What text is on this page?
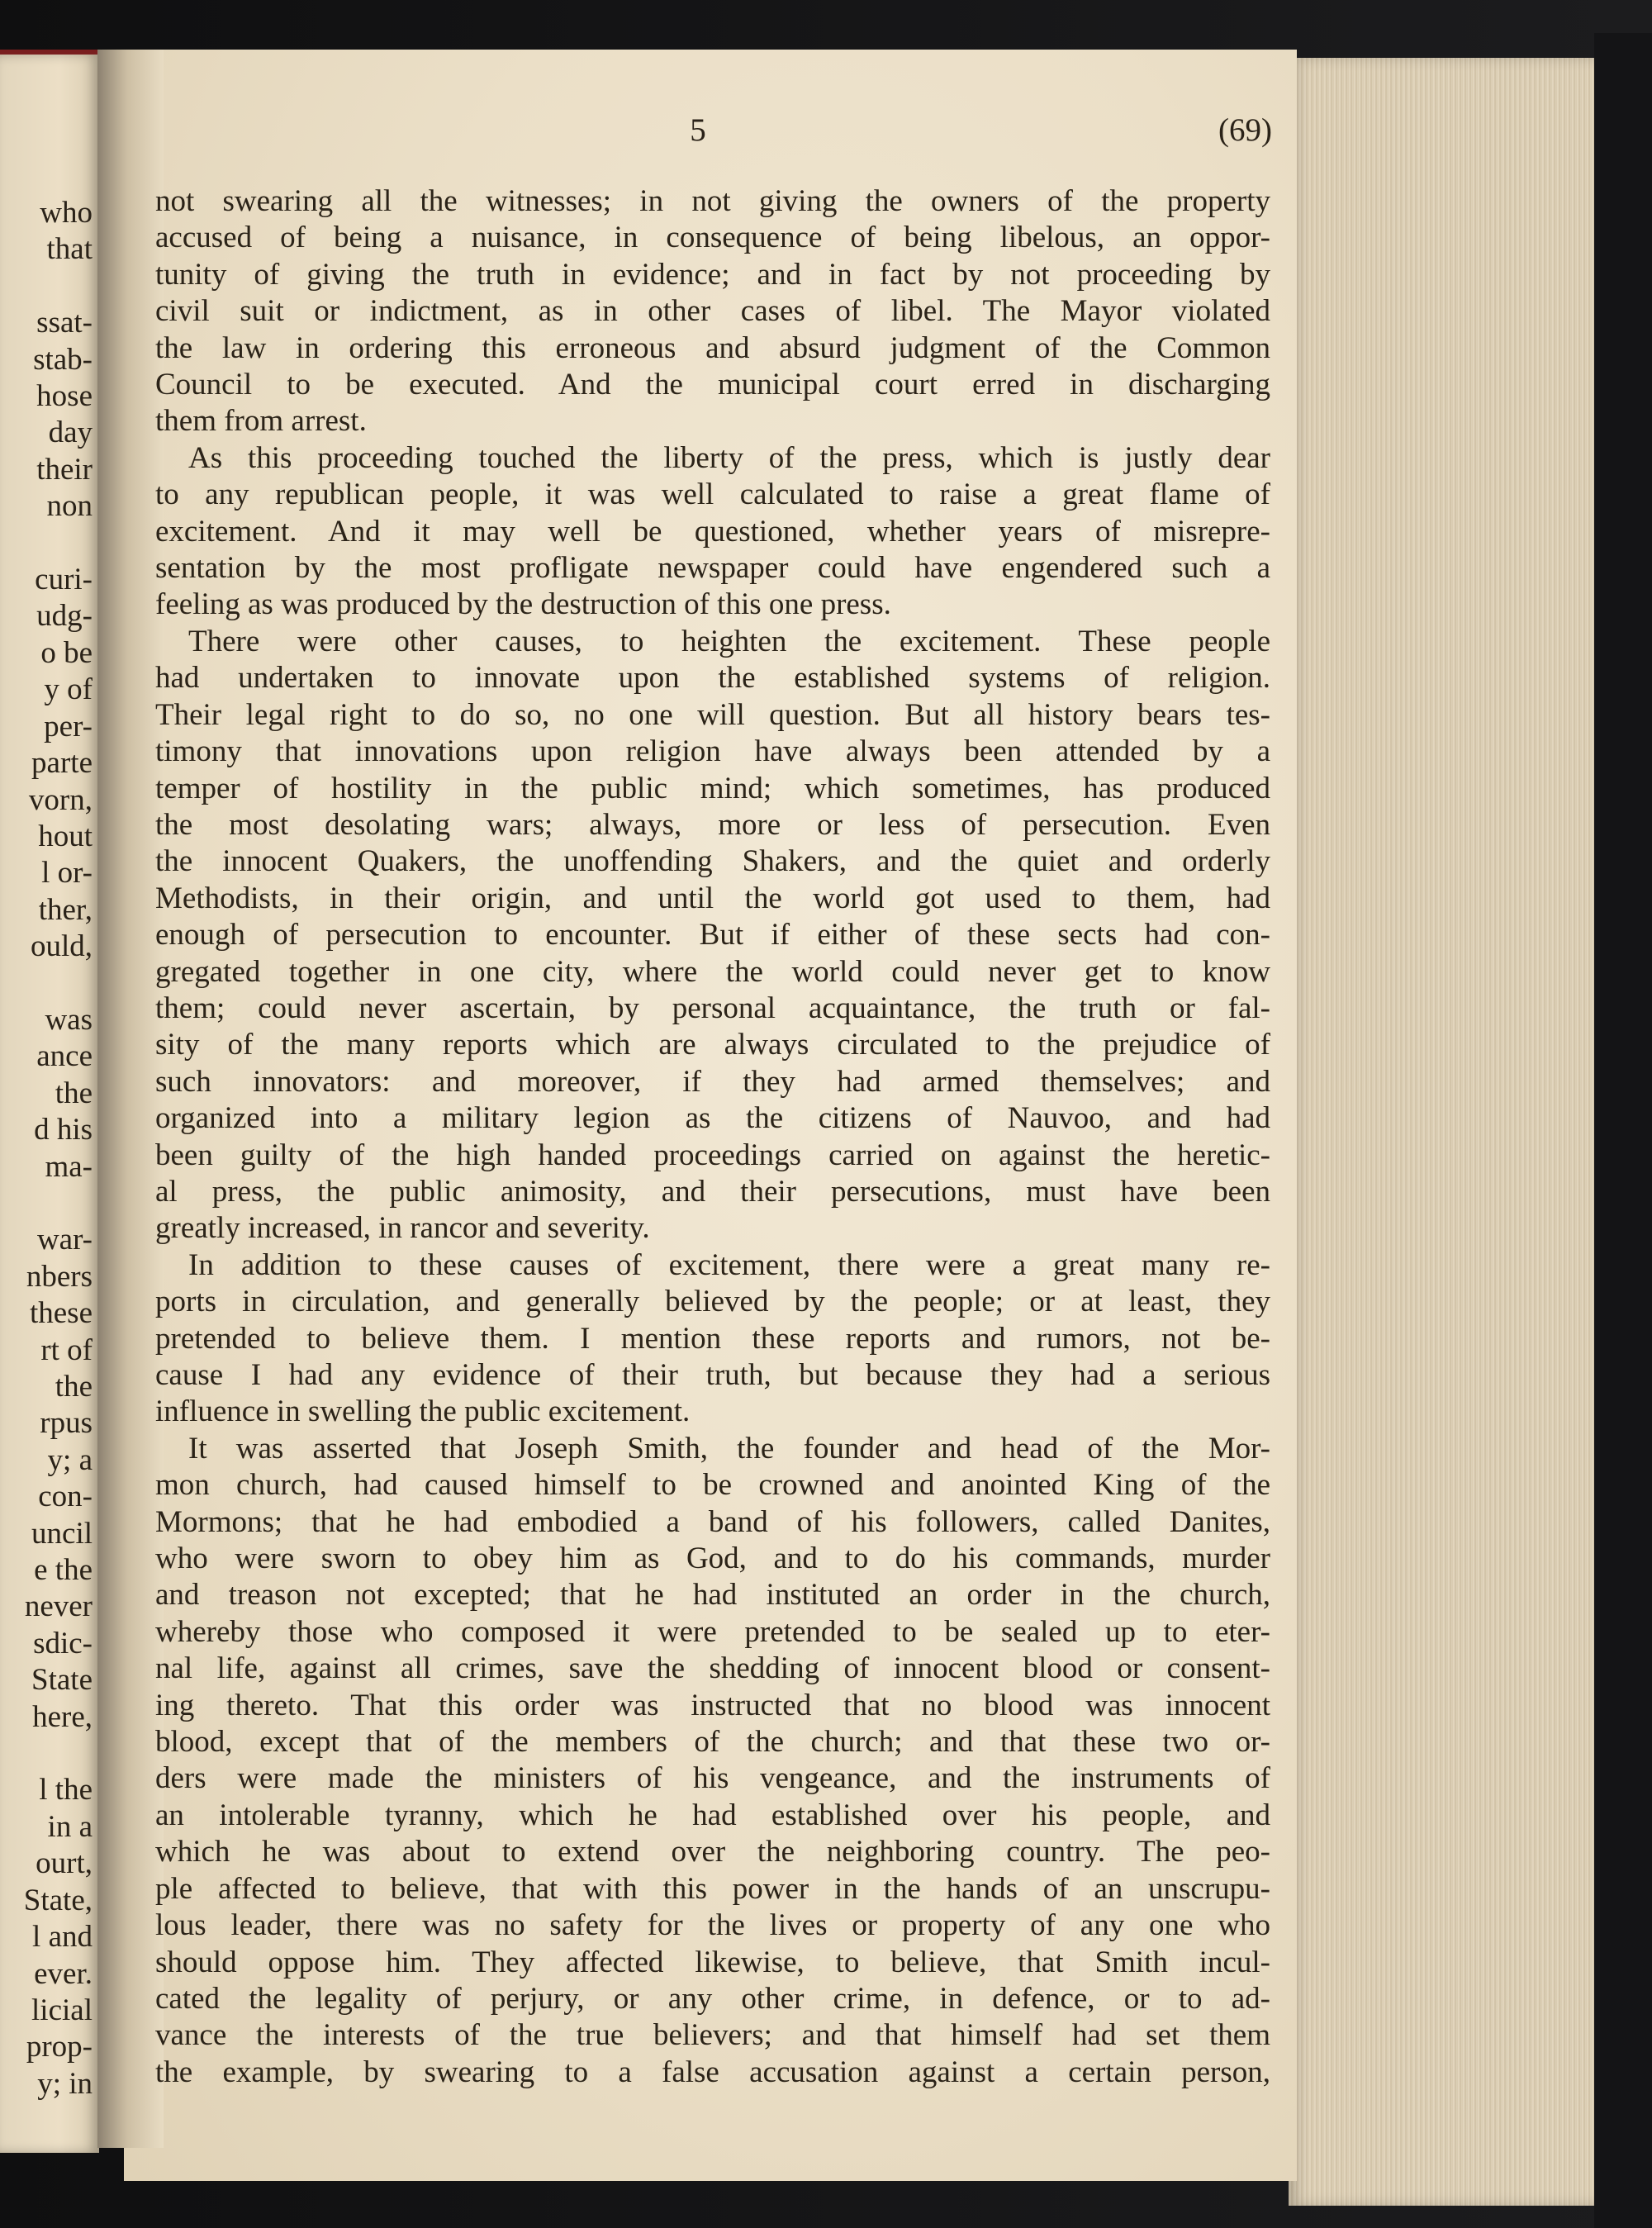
who
that

ssat-
stab-
hose
day
their
non

curi-
udg-
o be
y of
per-
parte
vorn,
hout
l or-
ther,
ould,

was
ance
the
d his
ma-

war-
nbers
these
rt of
the
rpus
y; a
con-
uncil
e the
never
sdic-
State
here,

l the
in a
ourt,
State,
l and
ever.
licial
prop-
y; in
5	(69)
not swearing all the witnesses; in not giving the owners of the property
accused of being a nuisance, in consequence of being libelous, an oppor-
tunity of giving the truth in evidence; and in fact by not proceeding by
civil suit or indictment, as in other cases of libel. The Mayor violated
the law in ordering this erroneous and absurd judgment of the Common
Council to be executed. And the municipal court erred in discharging
them from arrest.
As this proceeding touched the liberty of the press, which is justly dear
to any republican people, it was well calculated to raise a great flame of
excitement. And it may well be questioned, whether years of misrepre-
sentation by the most profligate newspaper could have engendered such a
feeling as was produced by the destruction of this one press.
There were other causes, to heighten the excitement. These people
had undertaken to innovate upon the established systems of religion.
Their legal right to do so, no one will question. But all history bears tes-
timony that innovations upon religion have always been attended by a
temper of hostility in the public mind; which sometimes, has produced
the most desolating wars; always, more or less of persecution. Even
the innocent Quakers, the unoffending Shakers, and the quiet and orderly
Methodists, in their origin, and until the world got used to them, had
enough of persecution to encounter. But if either of these sects had con-
gregated together in one city, where the world could never get to know
them; could never ascertain, by personal acquaintance, the truth or fal-
sity of the many reports which are always circulated to the prejudice of
such innovators: and moreover, if they had armed themselves; and
organized into a military legion as the citizens of Nauvoo, and had
been guilty of the high handed proceedings carried on against the heretic-
al press, the public animosity, and their persecutions, must have been
greatly increased, in rancor and severity.
In addition to these causes of excitement, there were a great many re-
ports in circulation, and generally believed by the people; or at least, they
pretended to believe them. I mention these reports and rumors, not be-
cause I had any evidence of their truth, but because they had a serious
influence in swelling the public excitement.
It was asserted that Joseph Smith, the founder and head of the Mor-
mon church, had caused himself to be crowned and anointed King of the
Mormons; that he had embodied a band of his followers, called Danites,
who were sworn to obey him as God, and to do his commands, murder
and treason not excepted; that he had instituted an order in the church,
whereby those who composed it were pretended to be sealed up to eter-
nal life, against all crimes, save the shedding of innocent blood or consent-
ing thereto. That this order was instructed that no blood was innocent
blood, except that of the members of the church; and that these two or-
ders were made the ministers of his vengeance, and the instruments of
an intolerable tyranny, which he had established over his people, and
which he was about to extend over the neighboring country. The peo-
ple affected to believe, that with this power in the hands of an unscrupu-
lous leader, there was no safety for the lives or property of any one who
should oppose him. They affected likewise, to believe, that Smith incul-
cated the legality of perjury, or any other crime, in defence, or to ad-
vance the interests of the true believers; and that himself had set them
the example, by swearing to a false accusation against a certain person,
